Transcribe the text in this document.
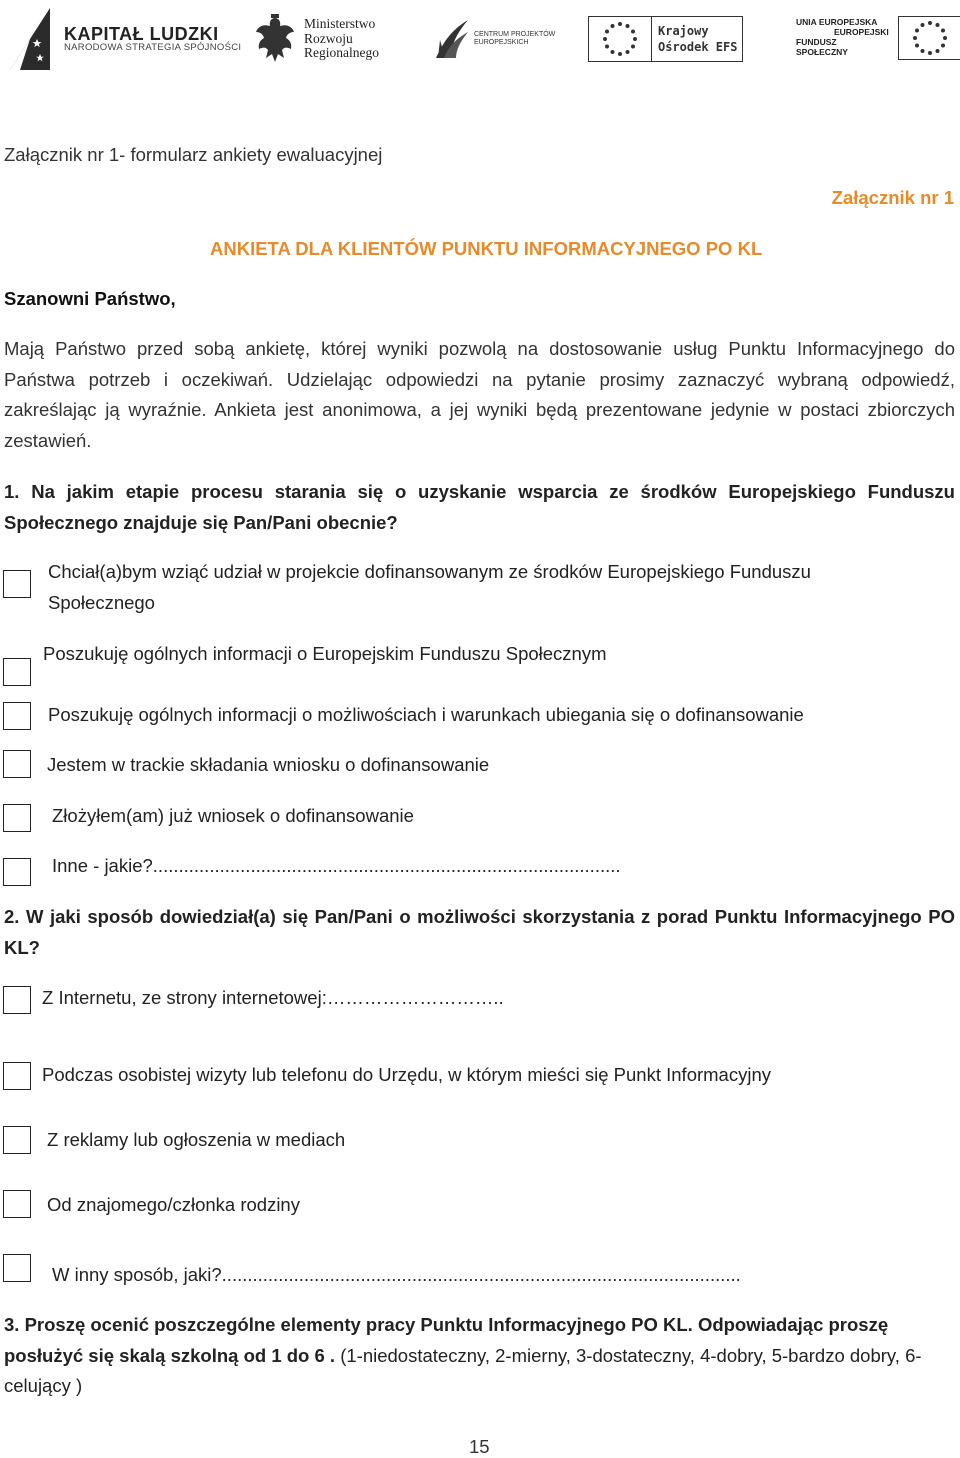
KAPITAŁ LUDZKI
NARODOWA STRATEGIA SPÓJNOŚCI
Ministerstwo
Rozwoju
Regionalnego
CENTRUM PROJEKTÓW
EUROPEJSKICH
Krajowy
Ośrodek EFS
UNIA EUROPEJSKA
EUROPEJSKI
FUNDUSZ SPOŁECZNY
Załącznik nr 1- formularz ankiety ewaluacyjnej
Załącznik nr 1
ANKIETA DLA KLIENTÓW PUNKTU INFORMACYJNEGO PO KL
Szanowni Państwo,
Mają Państwo przed sobą ankietę, której wyniki pozwolą na dostosowanie usług Punktu Informacyjnego do Państwa potrzeb i oczekiwań. Udzielając odpowiedzi na pytanie prosimy zaznaczyć wybraną odpowiedź, zakreślając ją wyraźnie. Ankieta jest anonimowa, a jej wyniki będą prezentowane jedynie w postaci zbiorczych zestawień.
1. Na jakim etapie procesu starania się o uzyskanie wsparcia ze środków Europejskiego Funduszu Społecznego znajduje się Pan/Pani obecnie?
Chciał(a)bym wziąć udział w projekcie dofinansowanym ze środków Europejskiego Funduszu Społecznego
Poszukuję ogólnych informacji o Europejskim Funduszu Społecznym
Poszukuję ogólnych informacji o możliwościach i warunkach ubiegania się o dofinansowanie
Jestem w trackie składania wniosku o dofinansowanie
Złożyłem(am) już wniosek o dofinansowanie
Inne - jakie?...........................................................................................
2. W jaki sposób dowiedział(a) się Pan/Pani o możliwości skorzystania z porad Punktu Informacyjnego PO KL?
Z Internetu, ze strony internetowej:………………………..
Podczas osobistej wizyty lub telefonu do Urzędu, w którym mieści się Punkt Informacyjny
Z reklamy lub ogłoszenia w mediach
Od znajomego/członka rodziny
W inny sposób, jaki?.....................................................................................................
3. Proszę ocenić poszczególne elementy pracy Punktu Informacyjnego PO KL. Odpowiadając proszę posłużyć się skalą szkolną od 1 do 6 . (1-niedostateczny, 2-mierny, 3-dostateczny, 4-dobry, 5-bardzo dobry, 6-celujący )
15
